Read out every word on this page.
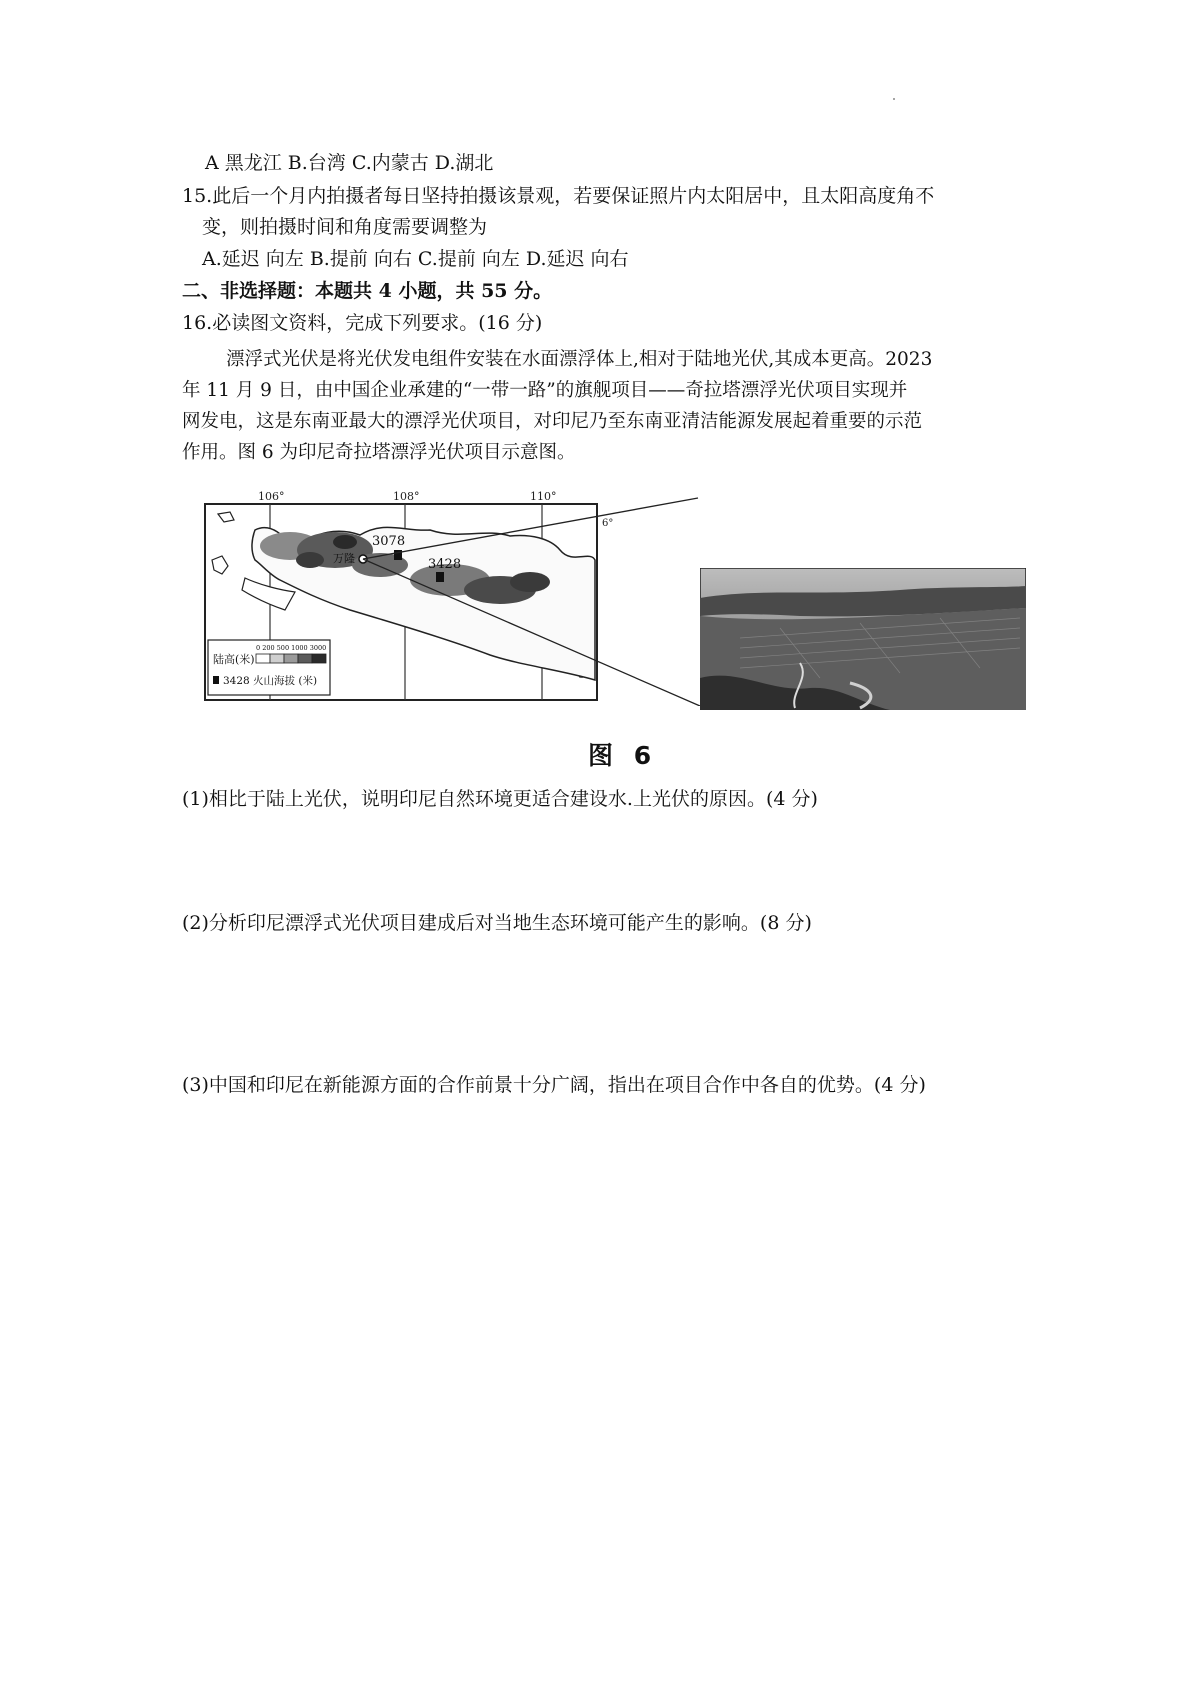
A 黑龙江 B.台湾 C.内蒙古 D.湖北
15.此后一个月内拍摄者每日坚持拍摄该景观，若要保证照片内太阳居中，且太阳高度角不
变，则拍摄时间和角度需要调整为
A.延迟 向左 B.提前 向右 C.提前 向左 D.延迟 向右
二、非选择题：本题共 4 小题，共 55 分。
16.必读图文资料，完成下列要求。(16 分)
漂浮式光伏是将光伏发电组件安装在水面漂浮体上,相对于陆地光伏,其成本更高。2023
年 11 月 9 日，由中国企业承建的“一带一路”的旗舰项目——奇拉塔漂浮光伏项目实现并
网发电，这是东南亚最大的漂浮光伏项目，对印尼乃至东南亚清洁能源发展起着重要的示范
作用。图 6 为印尼奇拉塔漂浮光伏项目示意图。
106°	108°	110°
6°
3078
3428
万隆
陆高(米)
0 200 500 1000 3000
3428 火山海拔 (米)
图 6
(1)相比于陆上光伏，说明印尼自然环境更适合建设水.上光伏的原因。(4 分)
(2)分析印尼漂浮式光伏项目建成后对当地生态环境可能产生的影响。(8 分)
(3)中国和印尼在新能源方面的合作前景十分广阔，指出在项目合作中各自的优势。(4 分)
